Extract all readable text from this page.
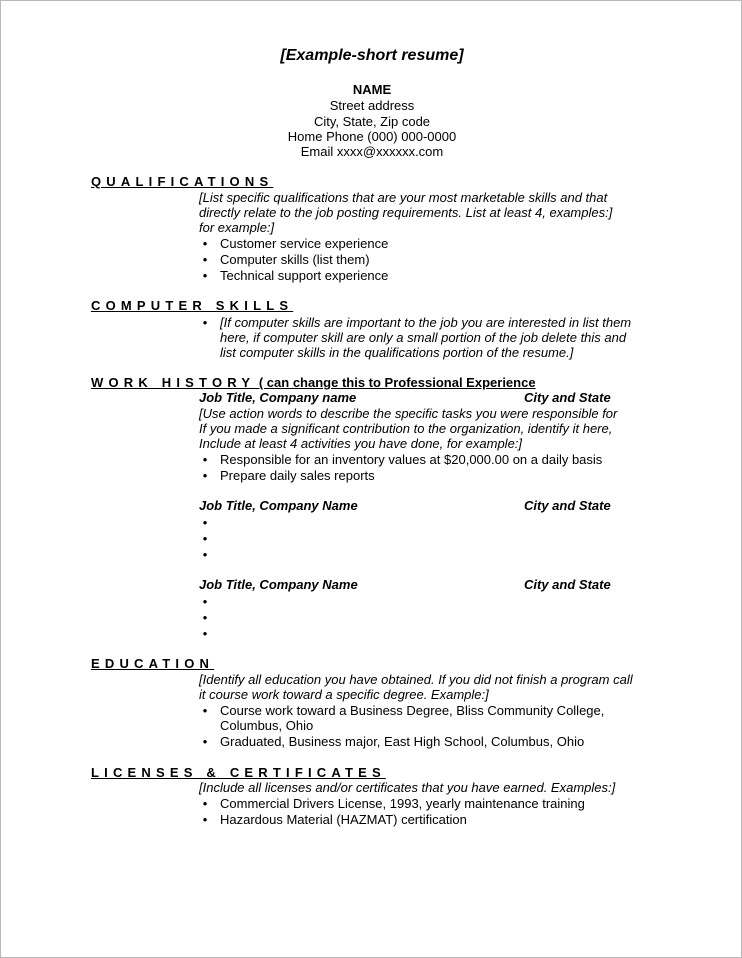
[Example-short resume]
NAME
Street address
City, State, Zip code
Home Phone (000) 000-0000
Email xxxx@xxxxxx.com
QUALIFICATIONS
[List specific qualifications that are your most marketable skills and that
directly relate to the job posting requirements. List at least 4, examples:]
for example:]
• Customer service experience
• Computer skills (list them)
• Technical support experience
COMPUTER SKILLS
• [If computer skills are important to the job you are interested in list them
here, if computer skill are only a small portion of the job delete this and
list computer skills in the qualifications portion of the resume.]
WORK HISTORY ( can change this to Professional Experience
Job Title, Company name	City and State
[Use action words to describe the specific tasks you were responsible for
If you made a significant contribution to the organization, identify it here,
Include at least 4 activities you have done, for example:]
• Responsible for an inventory values at $20,000.00 on a daily basis
• Prepare daily sales reports
Job Title, Company Name	City and State
•
•
•
Job Title, Company Name	City and State
•
•
•
EDUCATION
[Identify all education you have obtained. If you did not finish a program call
it course work toward a specific degree. Example:]
• Course work toward a Business Degree, Bliss Community College,
Columbus, Ohio
• Graduated, Business major, East High School, Columbus, Ohio
LICENSES & CERTIFICATES
[Include all licenses and/or certificates that you have earned. Examples:]
• Commercial Drivers License, 1993, yearly maintenance training
• Hazardous Material (HAZMAT) certification
